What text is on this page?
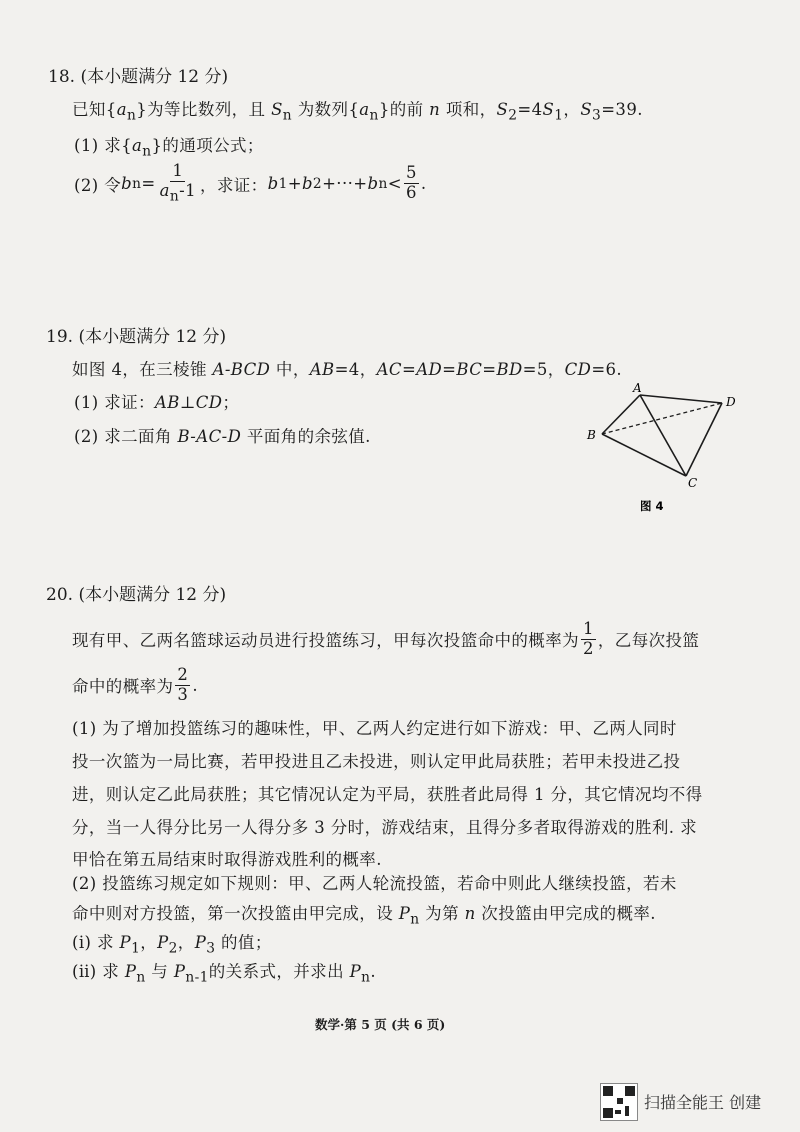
18. (本小题满分 12 分)
已知$\{a_n\}$为等比数列，且 $S_n$ 为数列$\{a_n\}$的前 n 项和，$S_2=4S_1$，$S_3=39$.
(1) 求$\{a_n\}$的通项公式；
(2) 令 b $n = \frac{1}{a_n-1}$ ，求证： b 1 + b 2 +···+ b $n < \frac{5}{6}$ .
19. (本小题满分 12 分)
如图 4，在三棱锥 A-BCD 中，AB=4，AC=AD=BC=BD=5，CD=6.
(1) 求证：AB⊥CD；
(2) 求二面角 B-AC-D 平面角的余弦值.
A
B
C
D
图 4
20. (本小题满分 12 分)
现有甲、乙两名篮球运动员进行投篮练习，甲每次投篮命中的概率为 $\frac{1}{2}$ ，乙每次投篮
命中的概率为 $\frac{2}{3}$ .
(1) 为了增加投篮练习的趣味性，甲、乙两人约定进行如下游戏：甲、乙两人同时
投一次篮为一局比赛，若甲投进且乙未投进，则认定甲此局获胜；若甲未投进乙投
进，则认定乙此局获胜；其它情况认定为平局，获胜者此局得 1 分，其它情况均不得
分，当一人得分比另一人得分多 3 分时，游戏结束，且得分多者取得游戏的胜利. 求
甲恰在第五局结束时取得游戏胜利的概率.
(2) 投篮练习规定如下规则：甲、乙两人轮流投篮，若命中则此人继续投篮，若未
命中则对方投篮，第一次投篮由甲完成，设 $P_n$ 为第 n 次投篮由甲完成的概率.
(ⅰ) 求 $P_1$，$P_2$，$P_3$ 的值；
(ⅱ) 求 $P_n$ 与 $P_{n-1}$的关系式，并求出 $P_n$.
数学·第 5 页 (共 6 页)
扫描全能王 创建
